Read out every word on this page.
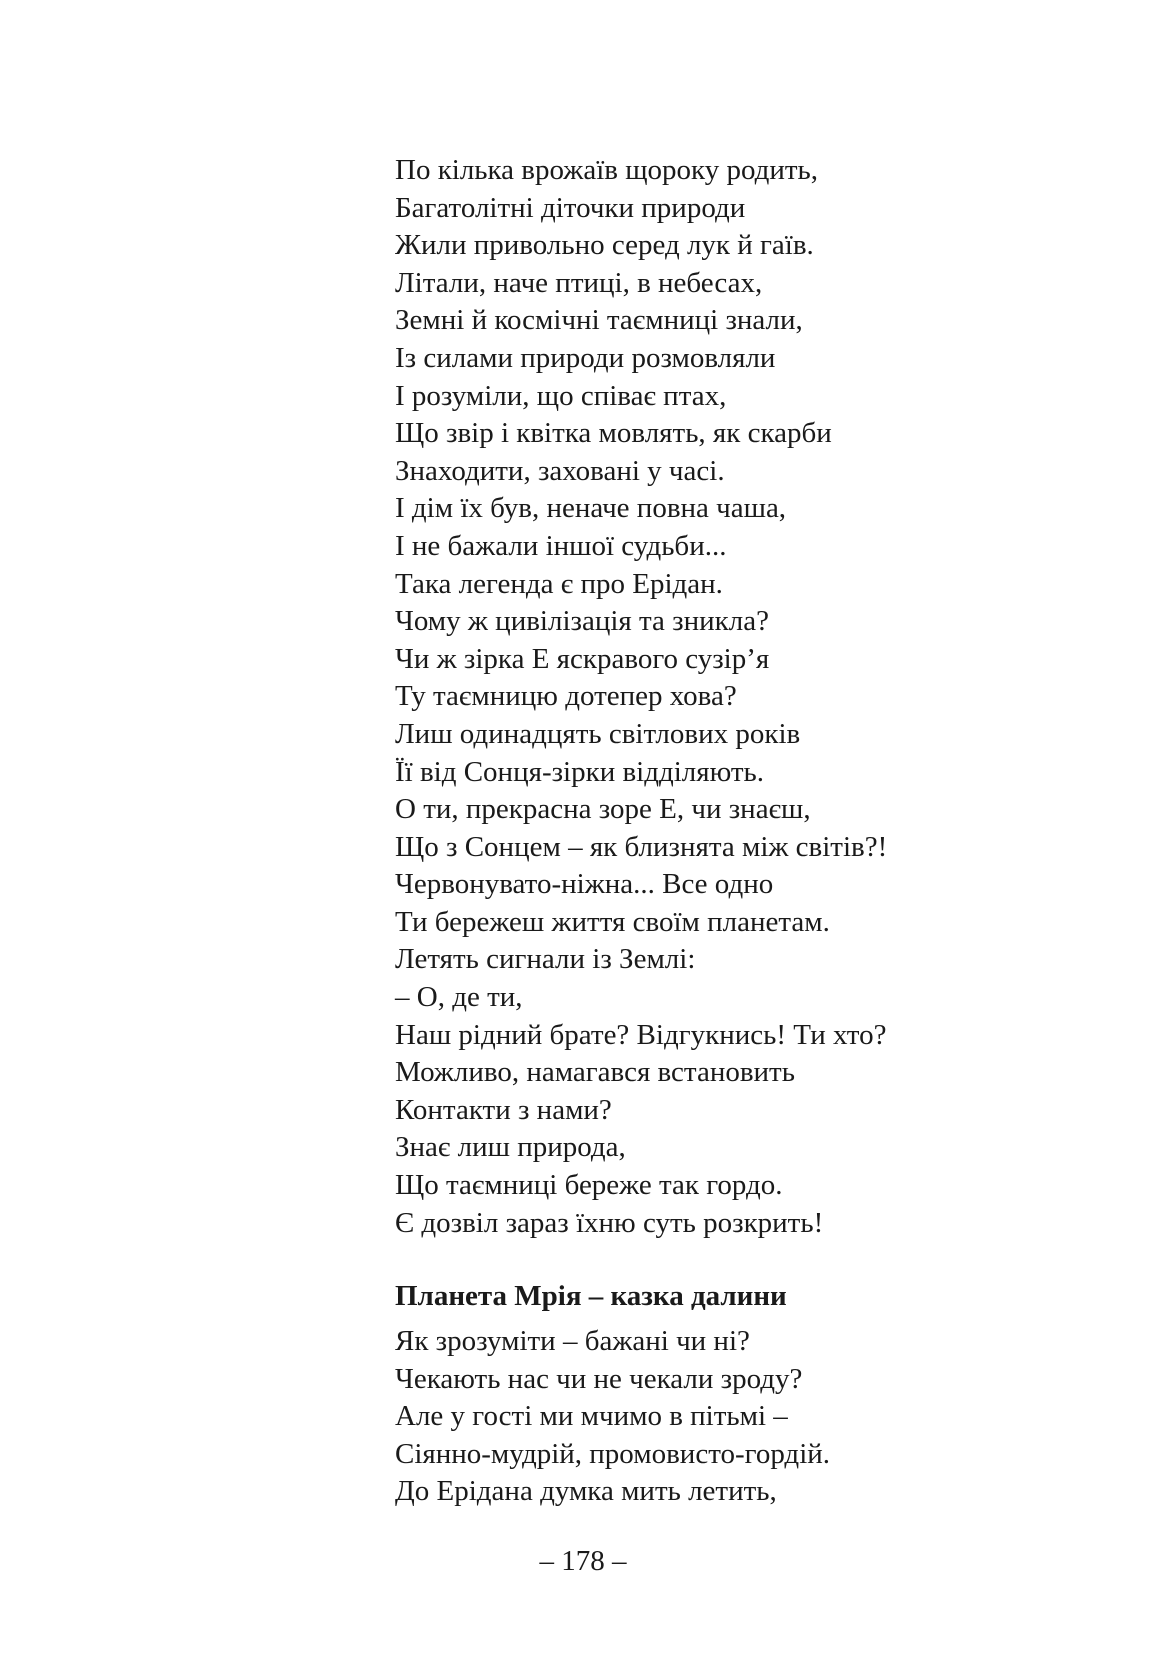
По кілька врожаїв щороку родить,
Багатолітні діточки природи
Жили привольно серед лук й гаїв.
Літали, наче птиці, в небесах,
Земні й космічні таємниці знали,
Із силами природи розмовляли
І розуміли, що співає птах,
Що звір і квітка мовлять, як скарби
Знаходити, заховані у часі.
І дім їх був, неначе повна чаша,
І не бажали іншої судьби...
Така легенда є про Ерідан.
Чому ж цивілізація та зникла?
Чи ж зірка Е яскравого сузір’я
Ту таємницю дотепер хова?
Лиш одинадцять світлових років
Її від Сонця-зірки відділяють.
О ти, прекрасна зоре Е, чи знаєш,
Що з Сонцем – як близнята між світів?!
Червонувато-ніжна... Все одно
Ти бережеш життя своїм планетам.
Летять сигнали із Землі:
– О, де ти,
Наш рідний брате? Відгукнись! Ти хто?
Можливо, намагався встановить
Контакти з нами?
Знає лиш природа,
Що таємниці береже так гордо.
Є дозвіл зараз їхню суть розкрить!
Планета Мрія – казка далини
Як зрозуміти – бажані чи ні?
Чекають нас чи не чекали зроду?
Але у гості ми мчимо в пітьмі –
Сіянно-мудрій, промовисто-гордій.
До Ерідана думка мить летить,
– 178 –
